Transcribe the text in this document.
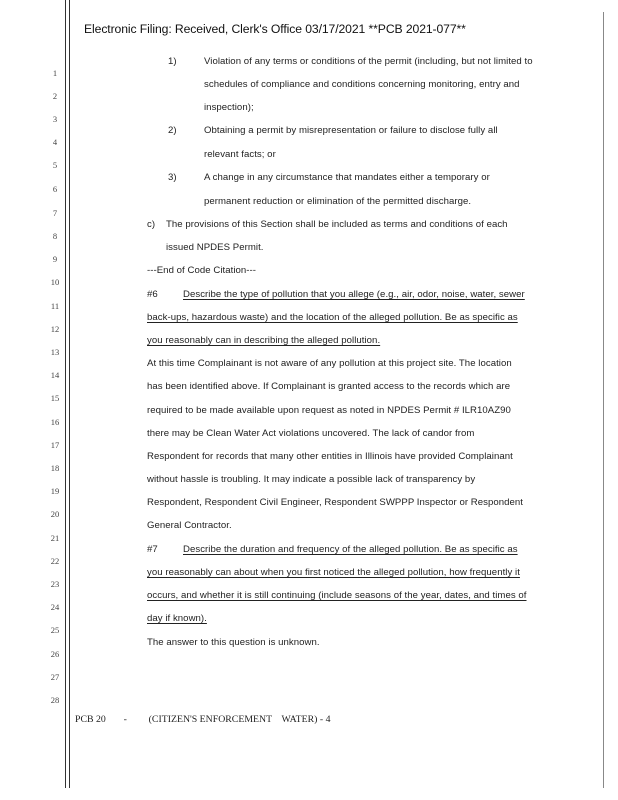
Electronic Filing: Received, Clerk's Office 03/17/2021 **PCB 2021-077**
1
2
3
4
5
6
7
8
9
10
11
12
13
14
15
16
17
18
19
20
21
22
23
24
25
26
27
28
1)	Violation of any terms or conditions of the permit (including, but not limited to
schedules of compliance and conditions concerning monitoring, entry and
inspection);
2)	Obtaining a permit by misrepresentation or failure to disclose fully all
relevant facts; or
3)	A change in any circumstance that mandates either a temporary or
permanent reduction or elimination of the permitted discharge.
c) The provisions of this Section shall be included as terms and conditions of each
issued NPDES Permit.
---End of Code Citation---
#6	Describe the type of pollution that you allege (e.g., air, odor, noise, water, sewer
back-ups, hazardous waste) and the location of the alleged pollution. Be as specific as
you reasonably can in describing the alleged pollution.
At this time Complainant is not aware of any pollution at this project site. The location
has been identified above. If Complainant is granted access to the records which are
required to be made available upon request as noted in NPDES Permit # ILR10AZ90
there may be Clean Water Act violations uncovered. The lack of candor from
Respondent for records that many other entities in Illinois have provided Complainant
without hassle is troubling. It may indicate a possible lack of transparency by
Respondent, Respondent Civil Engineer, Respondent SWPPP Inspector or Respondent
General Contractor.
#7	Describe the duration and frequency of the alleged pollution. Be as specific as
you reasonably can about when you first noticed the alleged pollution, how frequently it
occurs, and whether it is still continuing (include seasons of the year, dates, and times of
day if known).
The answer to this question is unknown.
PCB 20 - (CITIZEN'S ENFORCEMENT    WATER) - 4
